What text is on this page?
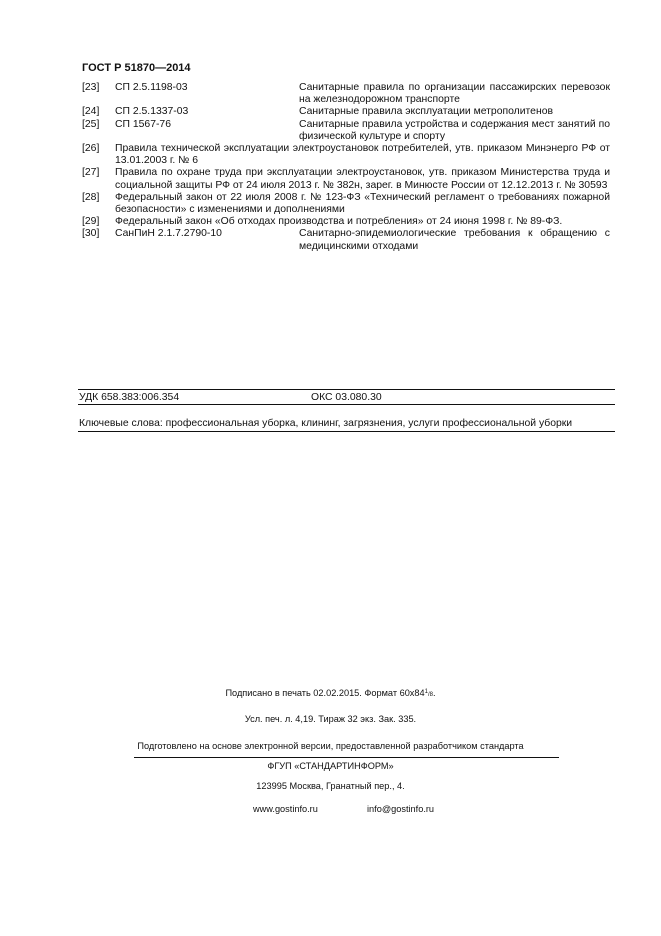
ГОСТ Р 51870—2014
[23]	СП 2.5.1198-03	Санитарные правила по организации пассажирских перевозок на железнодорожном транспорте
[24]	СП 2.5.1337-03	Санитарные правила эксплуатации метрополитенов
[25]	СП 1567-76	Санитарные правила устройства и содержания мест занятий по физической культуре и спорту
[26]	Правила технической эксплуатации электроустановок потребителей, утв. приказом Минэнерго РФ от 13.01.2003 г. № 6
[27]	Правила по охране труда при эксплуатации электроустановок, утв. приказом Министерства труда и социальной защиты РФ от 24 июля 2013 г. № 382н, зарег. в Минюсте России от 12.12.2013 г. № 30593
[28]	Федеральный закон от 22 июля 2008 г. № 123-ФЗ «Технический регламент о требованиях пожарной безопасности» с изменениями и дополнениями
[29]	Федеральный закон «Об отходах производства и потребления» от 24 июня 1998 г. № 89-ФЗ.
[30]	СанПиН 2.1.7.2790-10	Санитарно-эпидемиологические требования к обращению с медицинскими отходами
УДК 658.383:006.354	ОКС 03.080.30
Ключевые слова: профессиональная уборка, клининг, загрязнения, услуги профессиональной уборки
Подписано в печать 02.02.2015. Формат $60х84^1/8$.
Усл. печ. л. 4,19. Тираж 32 экз. Зак. 335.
Подготовлено на основе электронной версии, предоставленной разработчиком стандарта
ФГУП «СТАНДАРТИНФОРМ»
123995 Москва, Гранатный пер., 4.
www.gostinfo.ru	info@gostinfo.ru
